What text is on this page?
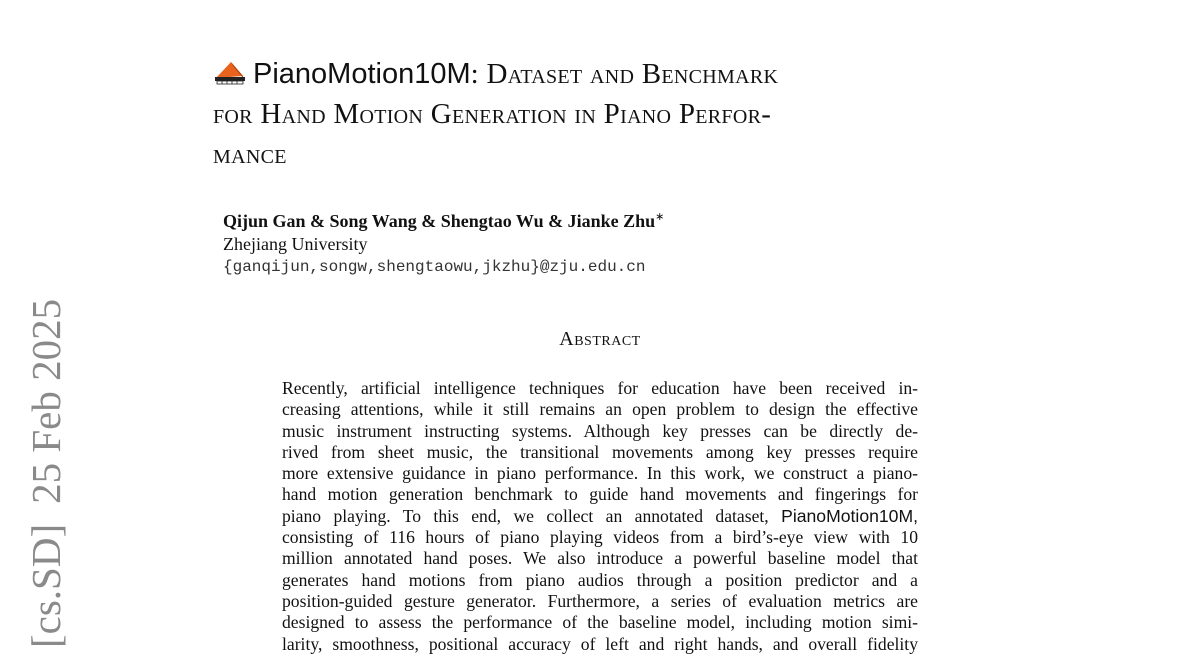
[cs.SD]25 Feb 2025
PianoMotion10M: Dataset and Benchmark
for Hand Motion Generation in Piano Perfor-
mance
Qijun Gan & Song Wang & Shengtao Wu & Jianke Zhu∗
Zhejiang University
{ganqijun,songw,shengtaowu,jkzhu}@zju.edu.cn
Abstract
Recently, artificial intelligence techniques for education have been received in-
creasing attentions, while it still remains an open problem to design the effective
music instrument instructing systems. Although key presses can be directly de-
rived from sheet music, the transitional movements among key presses require
more extensive guidance in piano performance. In this work, we construct a piano-
hand motion generation benchmark to guide hand movements and fingerings for
piano playing. To this end, we collect an annotated dataset, PianoMotion10M,
consisting of 116 hours of piano playing videos from a bird’s-eye view with 10
million annotated hand poses. We also introduce a powerful baseline model that
generates hand motions from piano audios through a position predictor and a
position-guided gesture generator. Furthermore, a series of evaluation metrics are
designed to assess the performance of the baseline model, including motion simi-
larity, smoothness, positional accuracy of left and right hands, and overall fidelity
